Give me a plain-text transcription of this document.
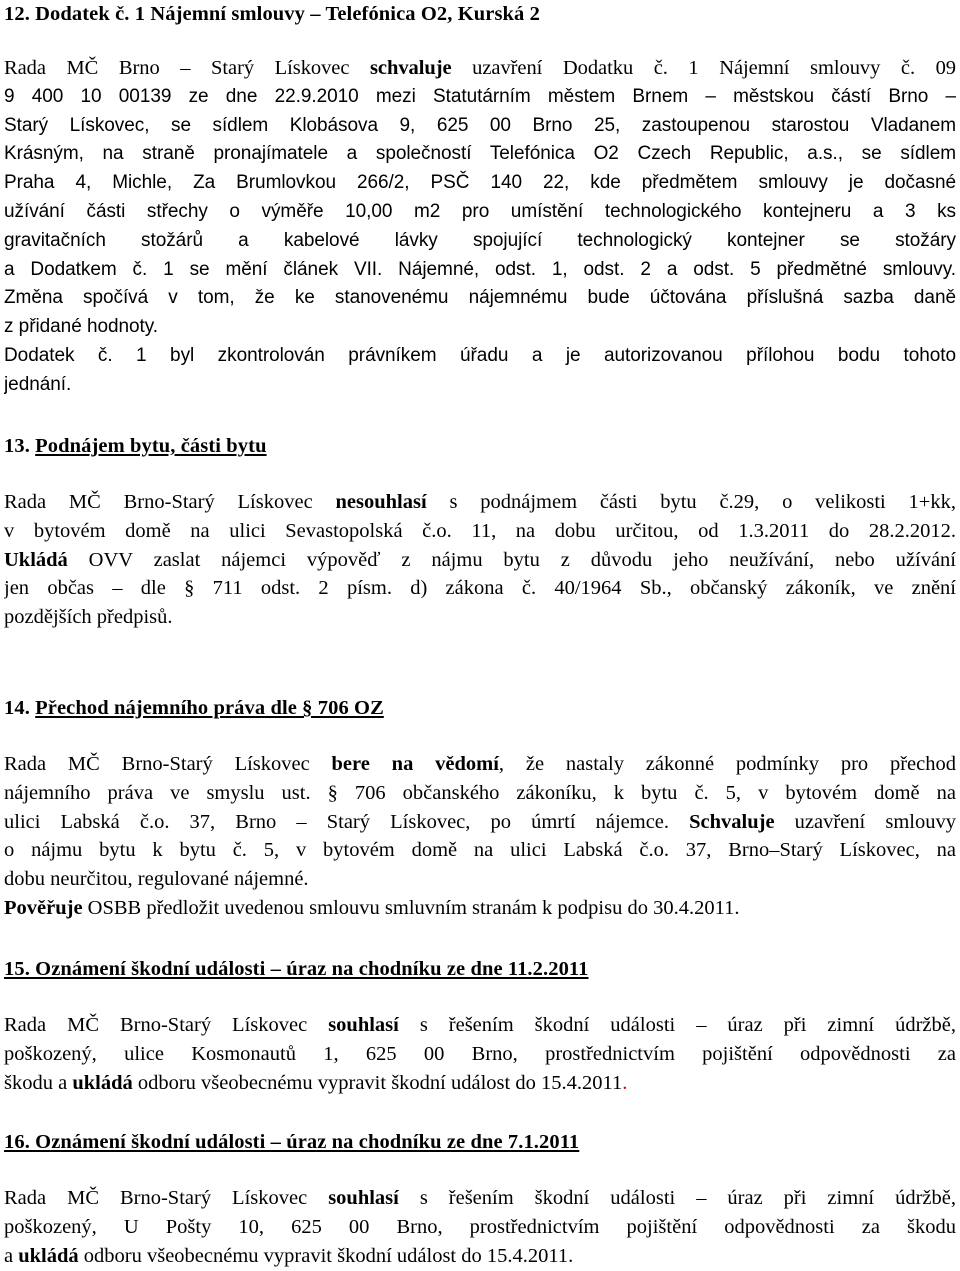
12. Dodatek č. 1 Nájemní smlouvy – Telefónica O2, Kurská 2
Rada MČ Brno – Starý Lískovec schvaluje uzavření Dodatku č. 1 Nájemní smlouvy č. 09
9 400 10 00139 ze dne 22.9.2010 mezi Statutárním městem Brnem – městskou částí Brno –
Starý Lískovec, se sídlem Klobásova 9, 625 00 Brno 25, zastoupenou starostou Vladanem
Krásným, na straně pronajímatele a společností Telefónica O2 Czech Republic, a.s., se sídlem
Praha 4, Michle, Za Brumlovkou 266/2, PSČ 140 22, kde předmětem smlouvy je dočasné
užívání části střechy o výměře 10,00 m2 pro umístění technologického kontejneru a 3 ks
gravitačních stožárů a kabelové lávky spojující technologický kontejner se stožáry
a Dodatkem č. 1 se mění článek VII. Nájemné, odst. 1, odst. 2 a odst. 5 předmětné smlouvy.
Změna spočívá v tom, že ke stanovenému nájemnému bude účtována příslušná sazba daně
z přidané hodnoty.
Dodatek č. 1 byl zkontrolován právníkem úřadu a je autorizovanou přílohou bodu tohoto
jednání.
13. Podnájem bytu, části bytu
Rada MČ Brno-Starý Lískovec nesouhlasí s podnájmem části bytu č.29, o velikosti 1+kk,
v bytovém domě na ulici Sevastopolská č.o. 11, na dobu určitou, od 1.3.2011 do 28.2.2012.
Ukládá OVV zaslat nájemci výpověď z nájmu bytu z důvodu jeho neužívání, nebo užívání
jen občas – dle § 711 odst. 2 písm. d) zákona č. 40/1964 Sb., občanský zákoník, ve znění
pozdějších předpisů.
14. Přechod nájemního práva dle § 706 OZ
Rada MČ Brno-Starý Lískovec bere na vědomí, že nastaly zákonné podmínky pro přechod
nájemního práva ve smyslu ust. § 706 občanského zákoníku, k bytu č. 5, v bytovém domě na
ulici Labská č.o. 37, Brno – Starý Lískovec, po úmrtí nájemce. Schvaluje uzavření smlouvy
o nájmu bytu k bytu č. 5, v bytovém domě na ulici Labská č.o. 37, Brno–Starý Lískovec, na
dobu neurčitou, regulované nájemné.
Pověřuje OSBB předložit uvedenou smlouvu smluvním stranám k podpisu do 30.4.2011.
15. Oznámení škodní události – úraz na chodníku ze dne 11.2.2011
Rada MČ Brno-Starý Lískovec souhlasí s řešením škodní události – úraz při zimní údržbě,
poškozený, ulice Kosmonautů 1, 625 00 Brno, prostřednictvím pojištění odpovědnosti za
škodu a ukládá odboru všeobecnému vypravit škodní událost do 15.4.2011.
16. Oznámení škodní události – úraz na chodníku ze dne 7.1.2011
Rada MČ Brno-Starý Lískovec souhlasí s řešením škodní události – úraz při zimní údržbě,
poškozený, U Pošty 10, 625 00 Brno, prostřednictvím pojištění odpovědnosti za škodu
a ukládá odboru všeobecnému vypravit škodní událost do 15.4.2011.
